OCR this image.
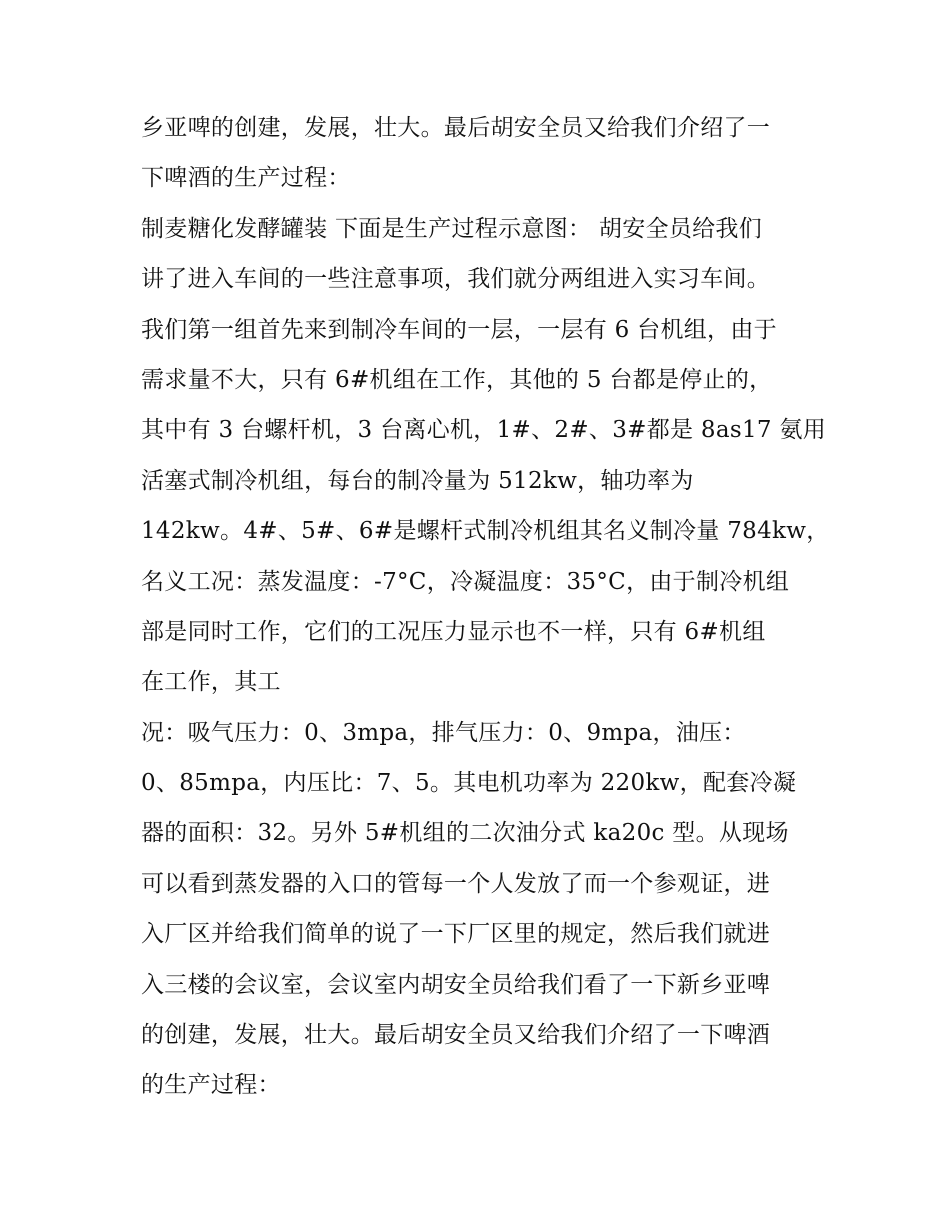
乡亚啤的创建，发展，壮大。最后胡安全员又给我们介绍了一

下啤酒的生产过程：

制麦糖化发酵罐装 下面是生产过程示意图： 胡安全员给我们

讲了进入车间的一些注意事项，我们就分两组进入实习车间。

我们第一组首先来到制冷车间的一层，一层有 6 台机组，由于

需求量不大，只有 6#机组在工作，其他的 5 台都是停止的，

其中有 3 台螺杆机，3 台离心机，1#、2#、3#都是 8as17 氨用

活塞式制冷机组，每台的制冷量为 512kw，轴功率为

142kw。4#、5#、6#是螺杆式制冷机组其名义制冷量 784kw，

名义工况：蒸发温度：-7°C，冷凝温度：35°C，由于制冷机组

部是同时工作，它们的工况压力显示也不一样，只有 6#机组

在工作，其工

况：吸气压力：0、3mpa，排气压力：0、9mpa，油压：

0、85mpa，内压比：7、5。其电机功率为 220kw，配套冷凝

器的面积：32。另外 5#机组的二次油分式 ka20c 型。从现场

可以看到蒸发器的入口的管每一个人发放了而一个参观证，进

入厂区并给我们简单的说了一下厂区里的规定，然后我们就进

入三楼的会议室，会议室内胡安全员给我们看了一下新乡亚啤

的创建，发展，壮大。最后胡安全员又给我们介绍了一下啤酒

的生产过程：
